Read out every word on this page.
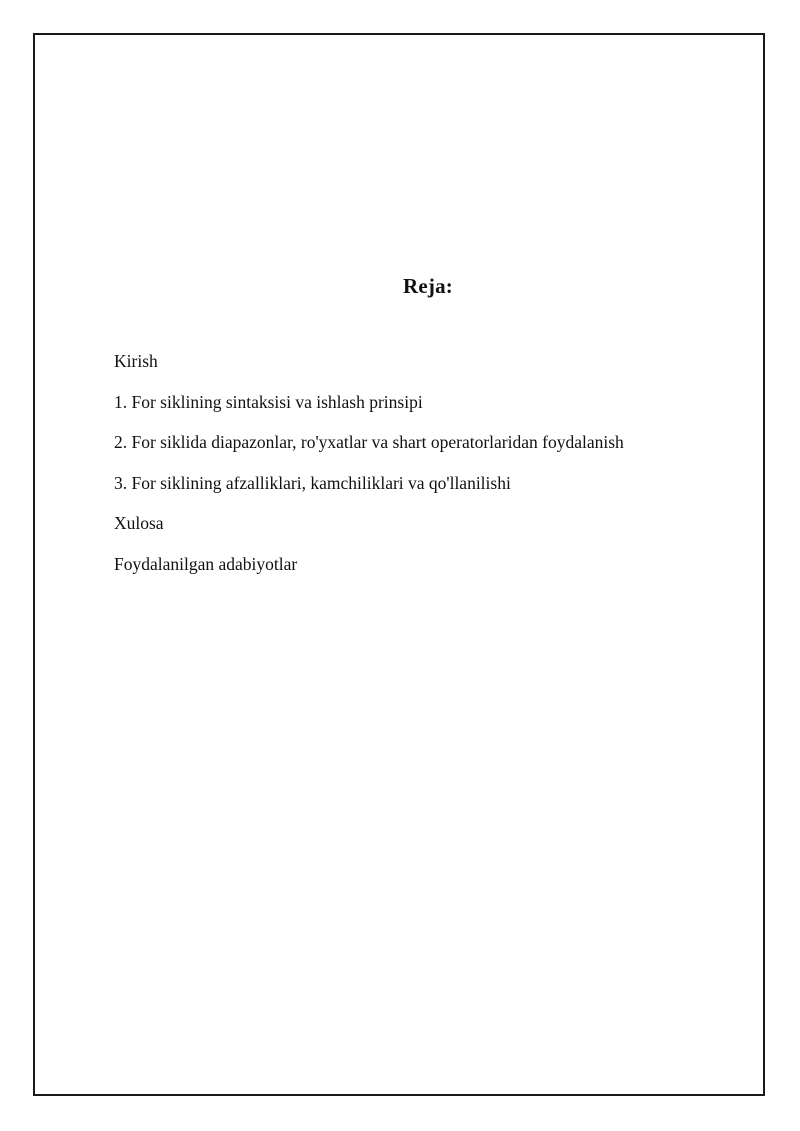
Reja:
Kirish
1. For siklining sintaksisi va ishlash prinsipi
2. For siklida diapazonlar, ro'yxatlar va shart operatorlaridan foydalanish
3. For siklining afzalliklari, kamchiliklari va qo'llanilishi
Xulosa
Foydalanilgan adabiyotlar
